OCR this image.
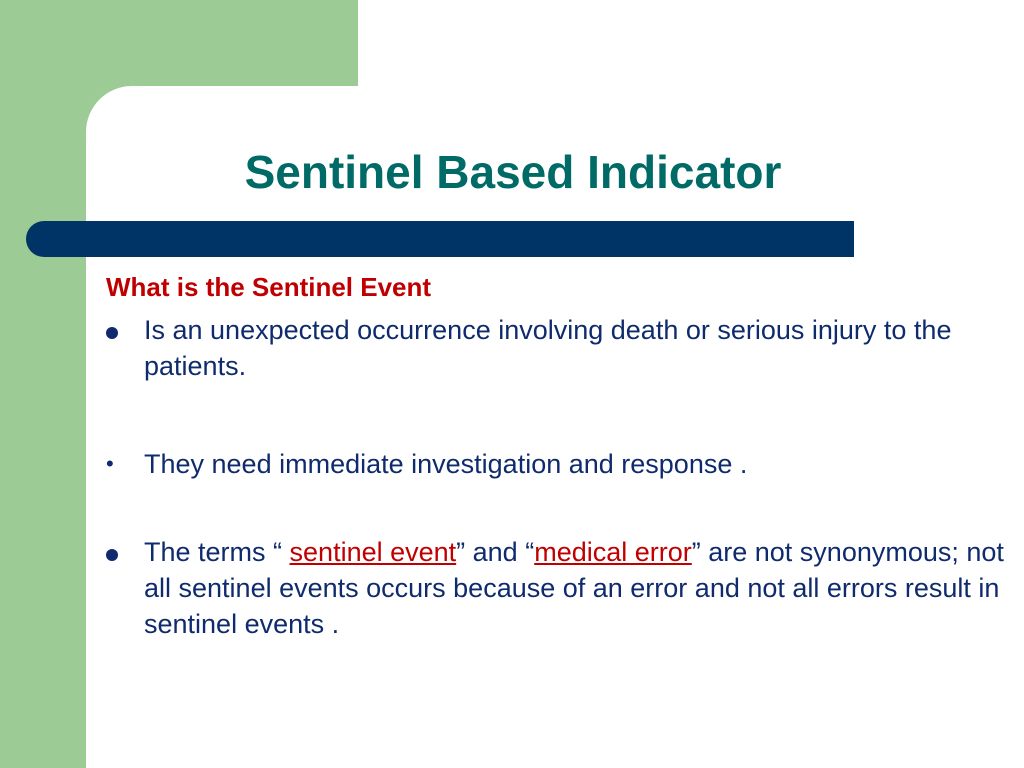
Sentinel Based Indicator

What is the Sentinel Event

Is an unexpected occurrence involving death or serious injury to the patients.
•	They need immediate investigation and response .
The terms “ sentinel event” and “medical error” are not synonymous; not all sentinel events occurs because of an error and not all errors result in sentinel events .
